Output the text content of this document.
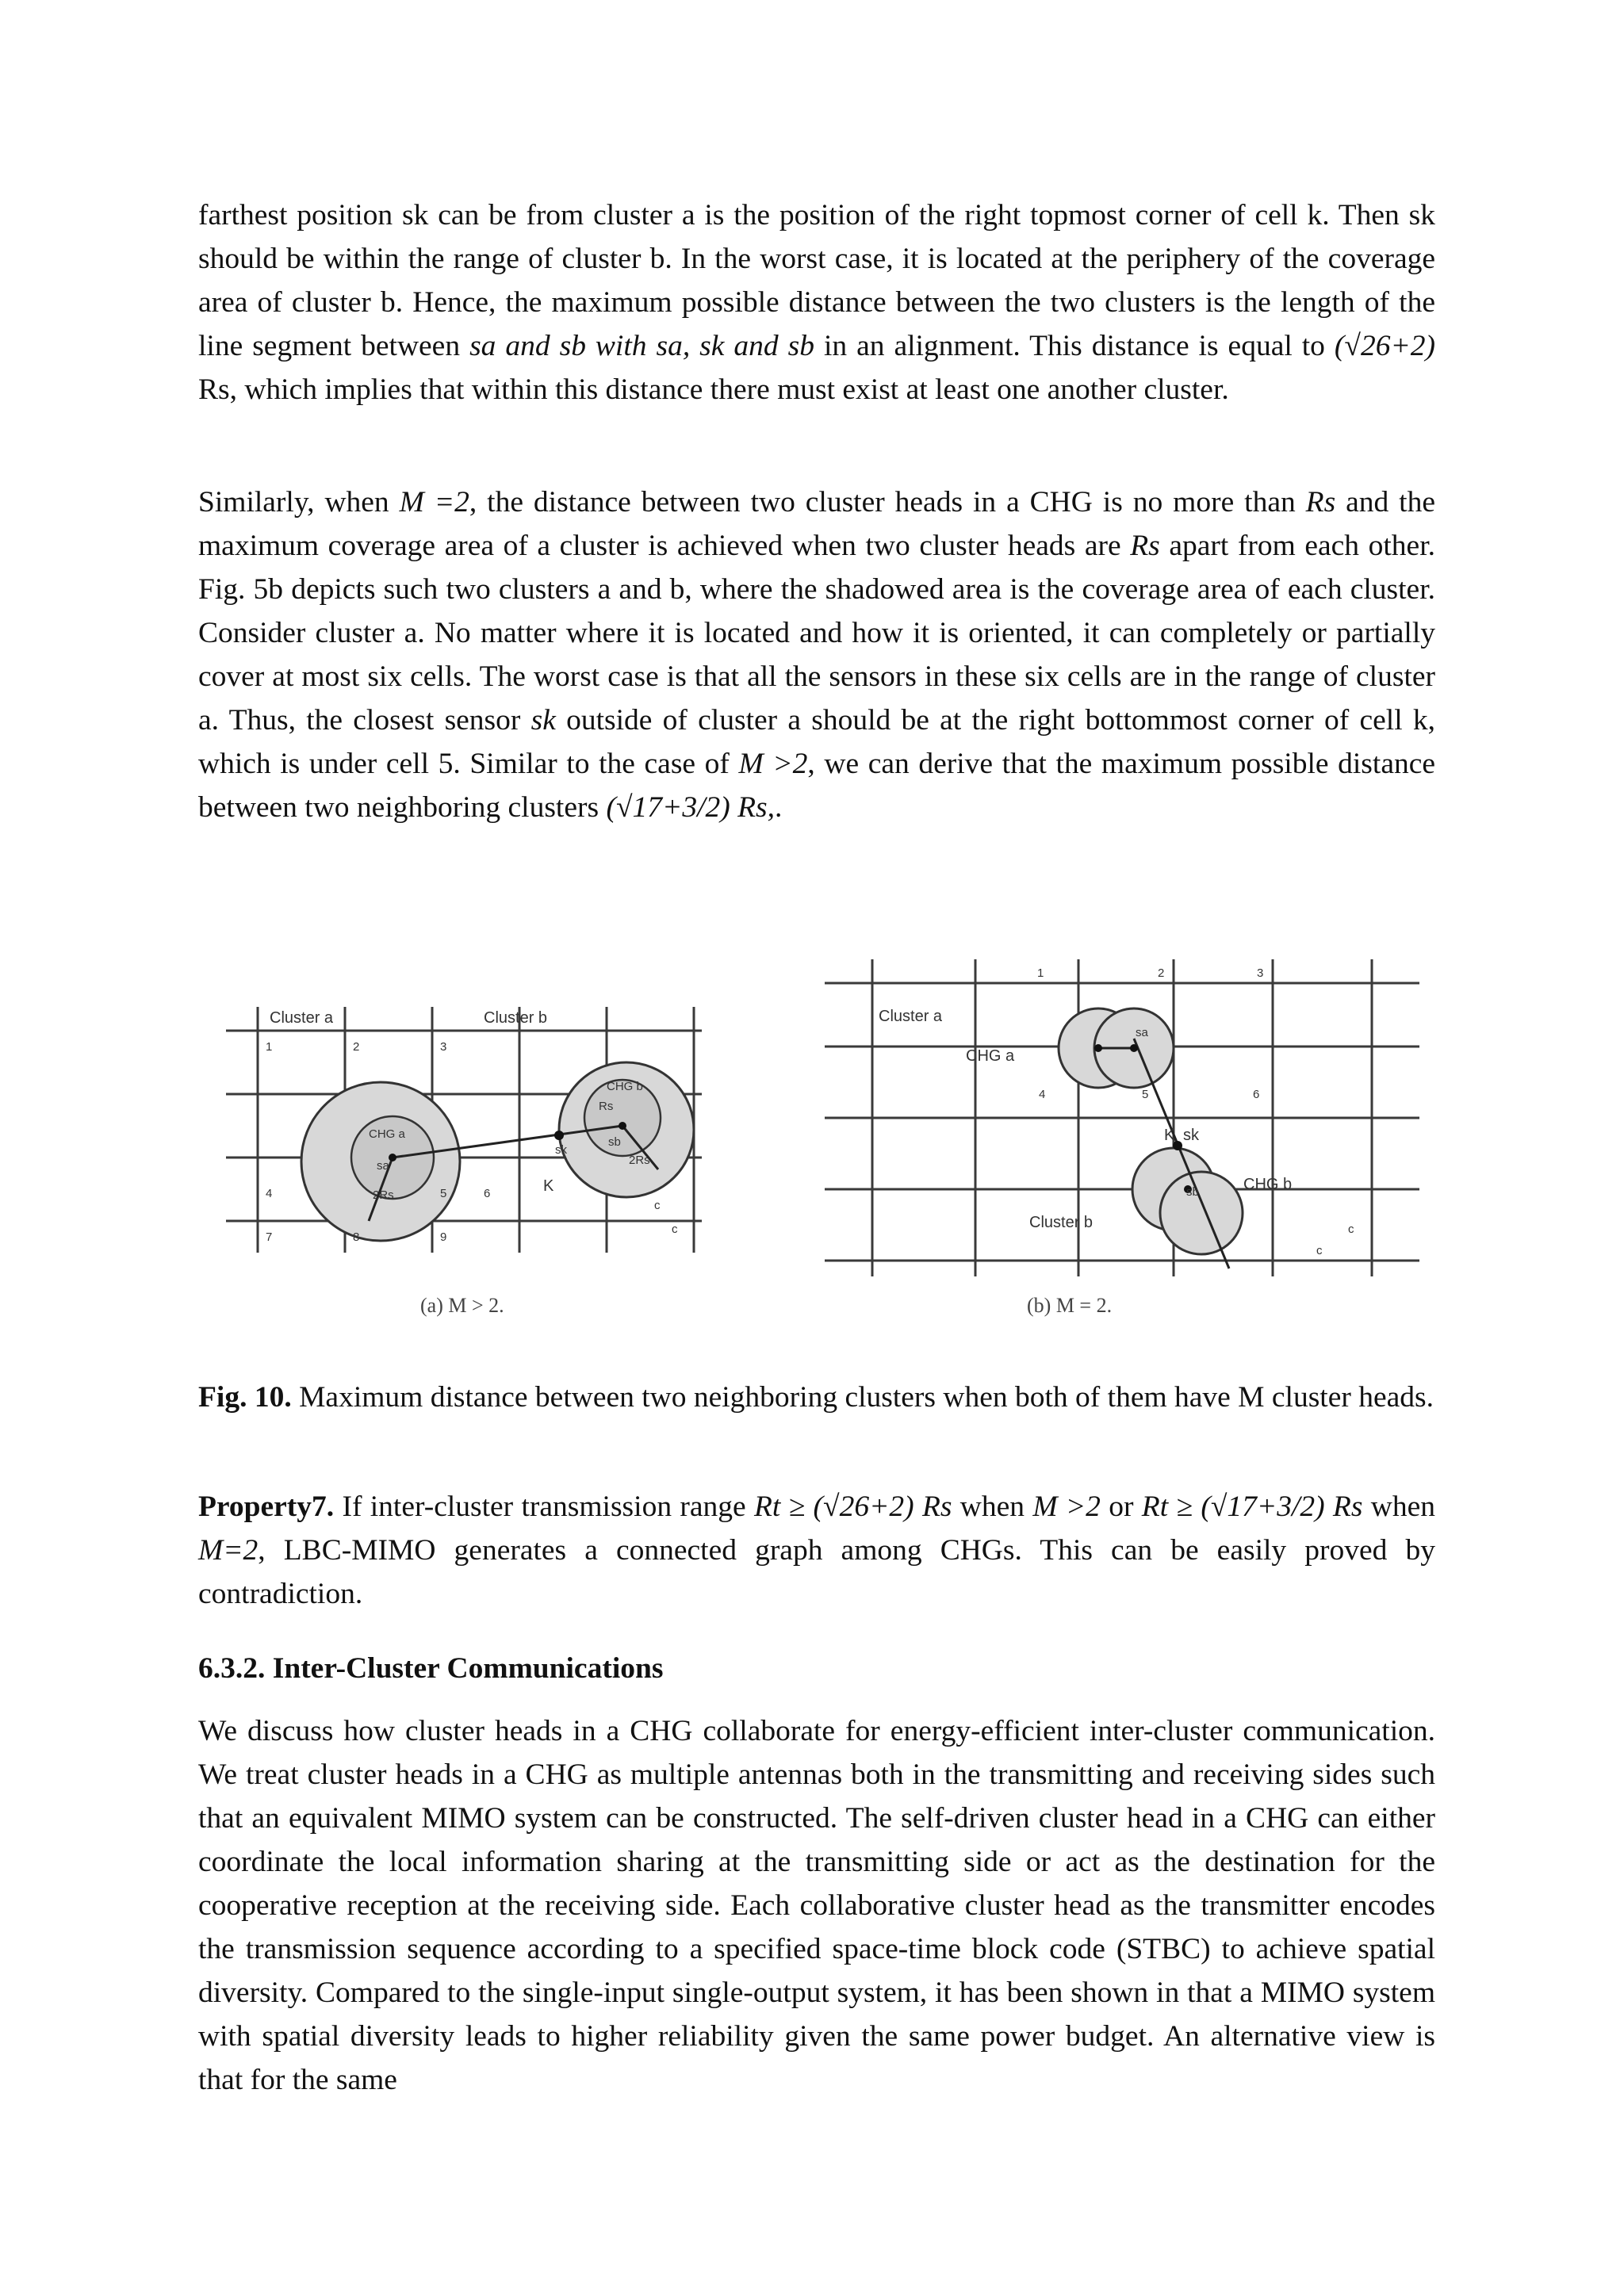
farthest position sk can be from cluster a is the position of the right topmost corner of cell k. Then sk should be within the range of cluster b. In the worst case, it is located at the periphery of the coverage area of cluster b. Hence, the maximum possible distance between the two clusters is the length of the line segment between sa and sb with sa, sk and sb in an alignment. This distance is equal to (√26+2) Rs, which implies that within this distance there must exist at least one another cluster.

Similarly, when M =2, the distance between two cluster heads in a CHG is no more than Rs and the maximum coverage area of a cluster is achieved when two cluster heads are Rs apart from each other. Fig. 5b depicts such two clusters a and b, where the shadowed area is the coverage area of each cluster. Consider cluster a. No matter where it is located and how it is oriented, it can completely or partially cover at most six cells. The worst case is that all the sensors in these six cells are in the range of cluster a. Thus, the closest sensor sk outside of cluster a should be at the right bottommost corner of cell k, which is under cell 5. Similar to the case of M >2, we can derive that the maximum possible distance between two neighboring clusters (√17+3/2) Rs,.

Cluster a	Cluster b
CHG a
CHG b
sa
sb
Rs
2Rs
2Rs
sk
K
c
c
1	2	3
4	5	6
7	8	9
(a) M > 2.
Cluster a
CHG a
sa
K sk
sb	CHG b
Cluster b	c
c
1	2	3
4	5	6
(b) M = 2.

Fig. 10. Maximum distance between two neighboring clusters when both of them have M cluster heads.

Property7. If inter-cluster transmission range Rt ≥ (√26+2) Rs when M >2 or Rt ≥ (√17+3/2) Rs when M=2, LBC-MIMO generates a connected graph among CHGs. This can be easily proved by contradiction.

6.3.2. Inter-Cluster Communications

We discuss how cluster heads in a CHG collaborate for energy-efficient inter-cluster communication. We treat cluster heads in a CHG as multiple antennas both in the transmitting and receiving sides such that an equivalent MIMO system can be constructed. The self-driven cluster head in a CHG can either coordinate the local information sharing at the transmitting side or act as the destination for the cooperative reception at the receiving side. Each collaborative cluster head as the transmitter encodes the transmission sequence according to a specified space-time block code (STBC) to achieve spatial diversity. Compared to the single-input single-output system, it has been shown in that a MIMO system with spatial diversity leads to higher reliability given the same power budget. An alternative view is that for the same
